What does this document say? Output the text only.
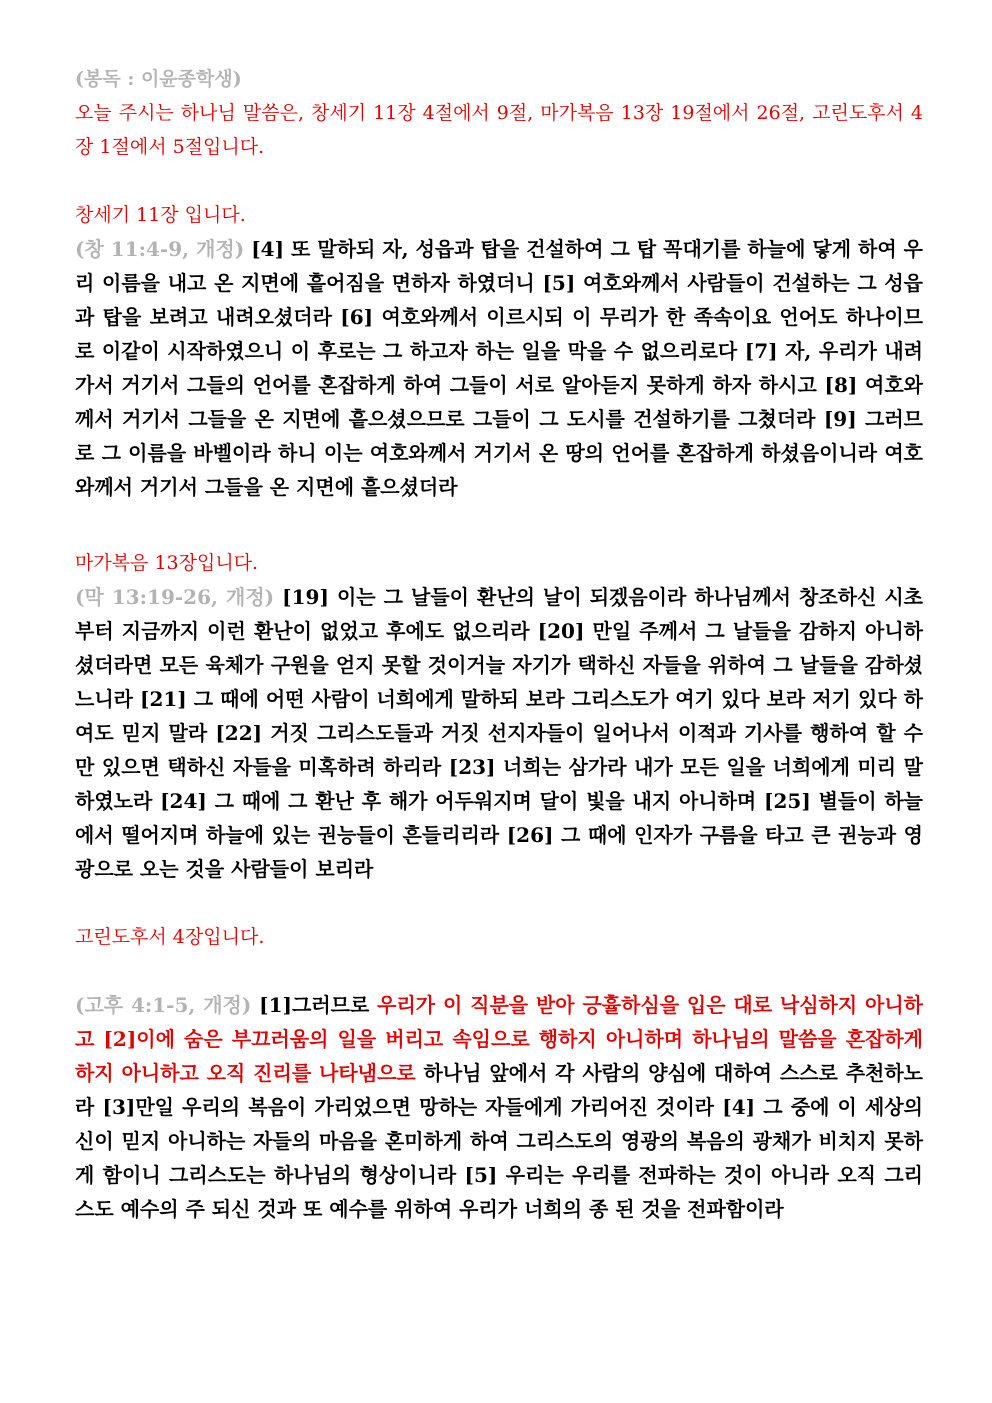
(봉독 : 이윤종학생)

오늘 주시는 하나님 말씀은, 창세기 11장 4절에서 9절, 마가복음 13장 19절에서 26절, 고린도후서 4장 1절에서 5절입니다.

창세기 11장 입니다.

(창 11:4-9, 개정) [4] 또 말하되 자, 성읍과 탑을 건설하여 그 탑 꼭대기를 하늘에 닿게 하여 우리 이름을 내고 온 지면에 흩어짐을 면하자 하였더니 [5] 여호와께서 사람들이 건설하는 그 성읍과 탑을 보려고 내려오셨더라 [6] 여호와께서 이르시되 이 무리가 한 족속이요 언어도 하나이므로 이같이 시작하였으니 이 후로는 그 하고자 하는 일을 막을 수 없으리로다 [7] 자, 우리가 내려가서 거기서 그들의 언어를 혼잡하게 하여 그들이 서로 알아듣지 못하게 하자 하시고 [8] 여호와께서 거기서 그들을 온 지면에 흩으셨으므로 그들이 그 도시를 건설하기를 그쳤더라 [9] 그러므로 그 이름을 바벨이라 하니 이는 여호와께서 거기서 온 땅의 언어를 혼잡하게 하셨음이니라 여호와께서 거기서 그들을 온 지면에 흩으셨더라

마가복음 13장입니다.

(막 13:19-26, 개정) [19] 이는 그 날들이 환난의 날이 되겠음이라 하나님께서 창조하신 시초부터 지금까지 이런 환난이 없었고 후에도 없으리라 [20] 만일 주께서 그 날들을 감하지 아니하셨더라면 모든 육체가 구원을 얻지 못할 것이거늘 자기가 택하신 자들을 위하여 그 날들을 감하셨느니라 [21] 그 때에 어떤 사람이 너희에게 말하되 보라 그리스도가 여기 있다 보라 저기 있다 하여도 믿지 말라 [22] 거짓 그리스도들과 거짓 선지자들이 일어나서 이적과 기사를 행하여 할 수만 있으면 택하신 자들을 미혹하려 하리라 [23] 너희는 삼가라 내가 모든 일을 너희에게 미리 말하였노라 [24] 그 때에 그 환난 후 해가 어두워지며 달이 빛을 내지 아니하며 [25] 별들이 하늘에서 떨어지며 하늘에 있는 권능들이 흔들리리라 [26] 그 때에 인자가 구름을 타고 큰 권능과 영광으로 오는 것을 사람들이 보리라

고린도후서 4장입니다.

(고후 4:1-5, 개정) [1]그러므로 우리가 이 직분을 받아 긍휼하심을 입은 대로 낙심하지 아니하고 [2]이에 숨은 부끄러움의 일을 버리고 속임으로 행하지 아니하며 하나님의 말씀을 혼잡하게 하지 아니하고 오직 진리를 나타냄으로 하나님 앞에서 각 사람의 양심에 대하여 스스로 추천하노라 [3]만일 우리의 복음이 가리었으면 망하는 자들에게 가리어진 것이라 [4] 그 중에 이 세상의 신이 믿지 아니하는 자들의 마음을 혼미하게 하여 그리스도의 영광의 복음의 광채가 비치지 못하게 함이니 그리스도는 하나님의 형상이니라 [5] 우리는 우리를 전파하는 것이 아니라 오직 그리스도 예수의 주 되신 것과 또 예수를 위하여 우리가 너희의 종 된 것을 전파함이라
